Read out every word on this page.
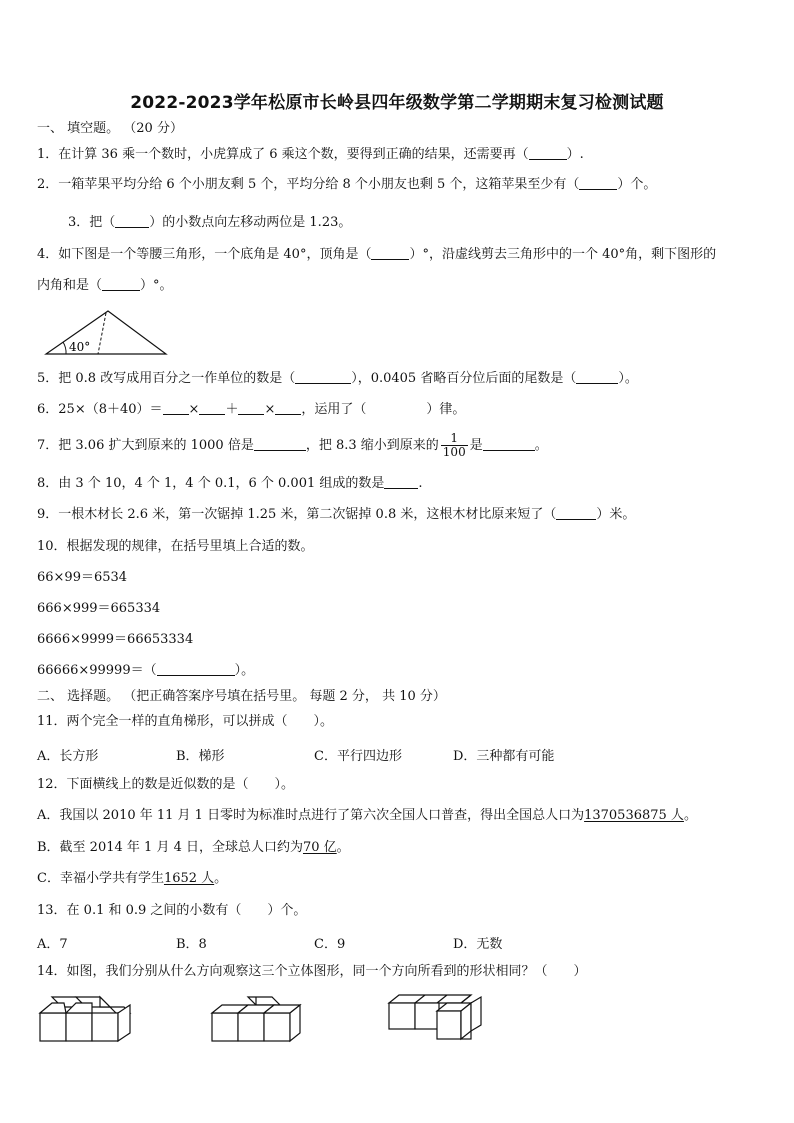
2022-2023学年松原市长岭县四年级数学第二学期期末复习检测试题
一、 填空题。 （20 分）
1．在计算 36 乘一个数时，小虎算成了 6 乘这个数，要得到正确的结果，还需要再（	）.
2．一箱苹果平均分给 6 个小朋友剩 5 个，平均分给 8 个小朋友也剩 5 个，这箱苹果至少有（	）个。
3．把（	）的小数点向左移动两位是 1.23。
4．如下图是一个等腰三角形，一个底角是 40°，顶角是（	）°，沿虚线剪去三角形中的一个 40°角，剩下图形的
内角和是（	）°。
40°
5．把 0.8 改写成用百分之一作单位的数是（	），0.0405 省略百分位后面的尾数是（	）。
6．25×（8＋40）＝ × ＋ × ，运用了（	）律。
7．把 3.06 扩大到原来的 1000 倍是	，把 8.3 缩小到原来的 $\frac{1}{100}$ 是	。
8．由 3 个 10，4 个 1，4 个 0.1，6 个 0.001 组成的数是	.
9．一根木材长 2.6 米，第一次锯掉 1.25 米，第二次锯掉 0.8 米，这根木材比原来短了（	）米。
10．根据发现的规律，在括号里填上合适的数。
66×99＝6534
666×999＝665334
6666×9999＝66653334
66666×99999＝（	）。
二、 选择题。 （把正确答案序号填在括号里。 每题 2 分， 共 10 分）
11．两个完全一样的直角梯形，可以拼成（　　）。
A．长方形	B．梯形	C．平行四边形	D．三种都有可能
12．下面横线上的数是近似数的是（　　）。
A．我国以 2010 年 11 月 1 日零时为标准时点进行了第六次全国人口普查，得出全国总人口为1370536875 人。
B．截至 2014 年 1 月 4 日，全球总人口约为70 亿。
C．幸福小学共有学生1652 人。
13．在 0.1 和 0.9 之间的小数有（　　）个。
A．7	B．8	C．9	D．无数
14．如图，我们分别从什么方向观察这三个立体图形，同一个方向所看到的形状相同？（　　）
